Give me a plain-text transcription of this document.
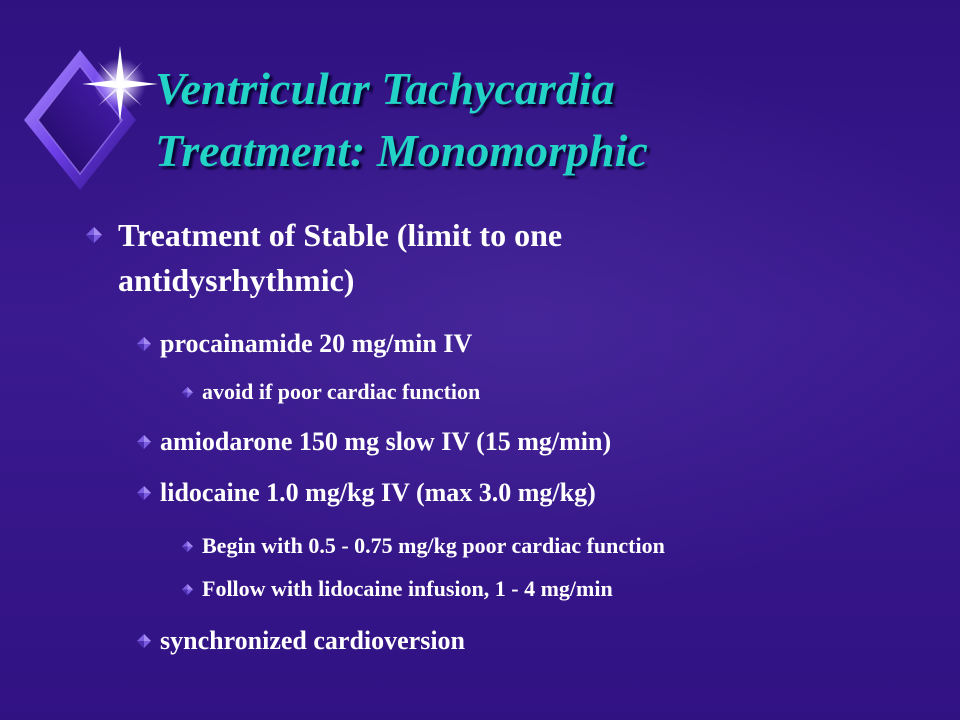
Ventricular Tachycardia
Treatment: Monomorphic
Treatment of Stable (limit to one
antidysrhythmic)
procainamide 20 mg/min IV
avoid if poor cardiac function
amiodarone 150 mg slow IV (15 mg/min)
lidocaine 1.0 mg/kg IV (max 3.0 mg/kg)
Begin with 0.5 - 0.75 mg/kg poor cardiac function
Follow with lidocaine infusion, 1 - 4 mg/min
synchronized cardioversion
